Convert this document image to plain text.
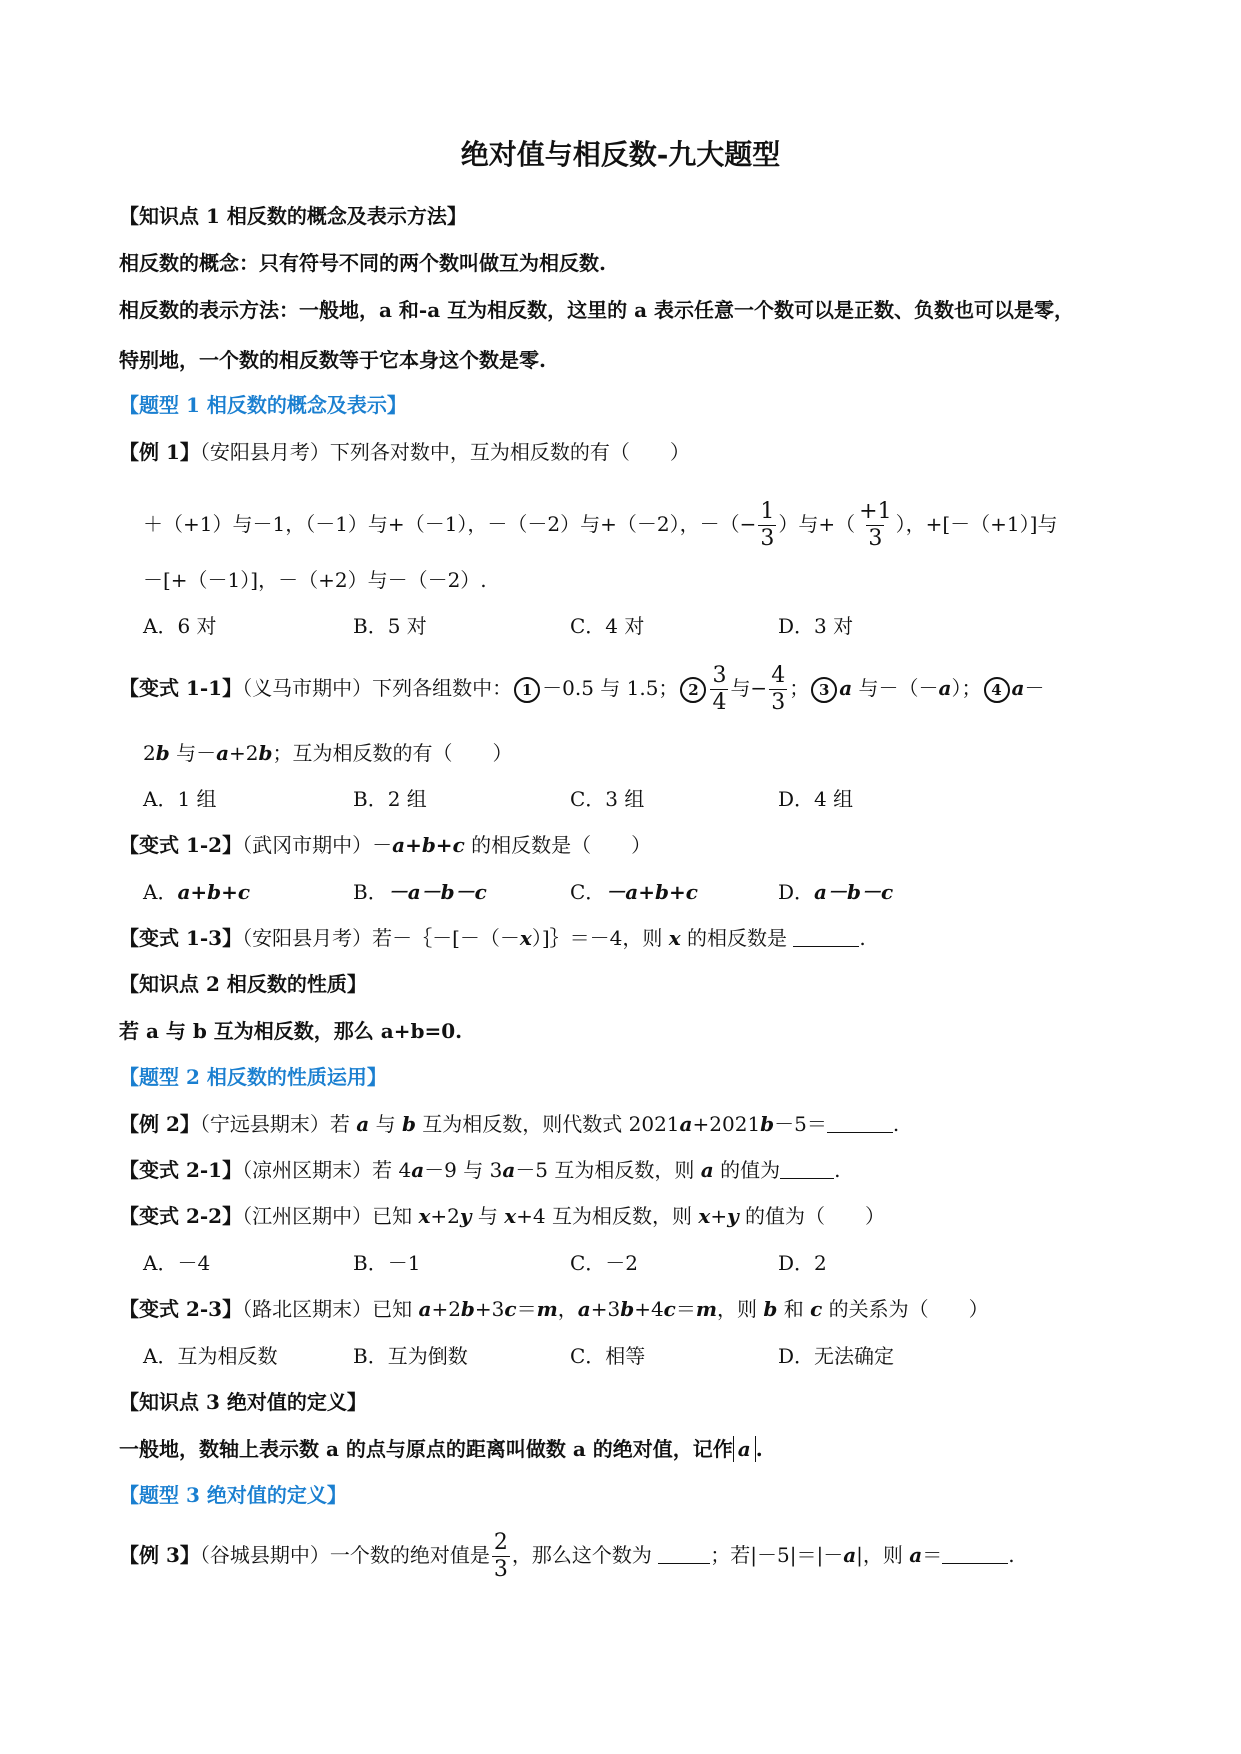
绝对值与相反数-九大题型
【知识点 1 相反数的概念及表示方法】
相反数的概念：只有符号不同的两个数叫做互为相反数.
相反数的表示方法：一般地，a 和-a 互为相反数，这里的 a 表示任意一个数可以是正数、负数也可以是零，
特别地，一个数的相反数等于它本身这个数是零.
【题型 1 相反数的概念及表示】
【例 1】（安阳县月考）下列各对数中，互为相反数的有（　　）
＋（+1）与－1，（－1）与+（－1），－（－2）与+（－2），－（− $\frac{1}{3}$ ）与+（ $\frac{+1}{3}$ ），+[－（+1）]与
－[+（－1）]，－（+2）与－（－2）.
A．6 对	B．5 对	C．4 对	D．3 对
【变式 1-1】（义马市期中）下列各组数中： 1 －0.5 与 1.5； $2 \frac{3}{4}$ 与− $\frac{4}{3}$ ； 3 a 与－（－a）； 4 a－
2b 与－a+2b；互为相反数的有（　　）
A．1 组	B．2 组	C．3 组	D．4 组
【变式 1-2】（武冈市期中）－a+b+c 的相反数是（　　）
A．a+b+c	B．－a－b－c	C．－a+b+c	D．a－b－c
【变式 1-3】（安阳县月考）若－｛－[－（－x）]｝＝－4，则 x 的相反数是	.
【知识点 2 相反数的性质】
若 a 与 b 互为相反数，那么 a+b=0.
【题型 2 相反数的性质运用】
【例 2】（宁远县期末）若 a 与 b 互为相反数，则代数式 2021a+2021b－5＝	.
【变式 2-1】（凉州区期末）若 4a－9 与 3a－5 互为相反数，则 a 的值为	.
【变式 2-2】（江州区期中）已知 x+2y 与 x+4 互为相反数，则 x+y 的值为（　　）
A．－4	B．－1	C．－2	D．2
【变式 2-3】（路北区期末）已知 a+2b+3c＝m，a+3b+4c＝m，则 b 和 c 的关系为（　　）
A．互为相反数	B．互为倒数	C．相等	D．无法确定
【知识点 3 绝对值的定义】
一般地，数轴上表示数 a 的点与原点的距离叫做数 a 的绝对值，记作 a .
【题型 3 绝对值的定义】
【例 3】（谷城县期中）一个数的绝对值是 $\frac{2}{3}$ ，那么这个数为	；若|－5|＝|－a|，则 a＝	.
